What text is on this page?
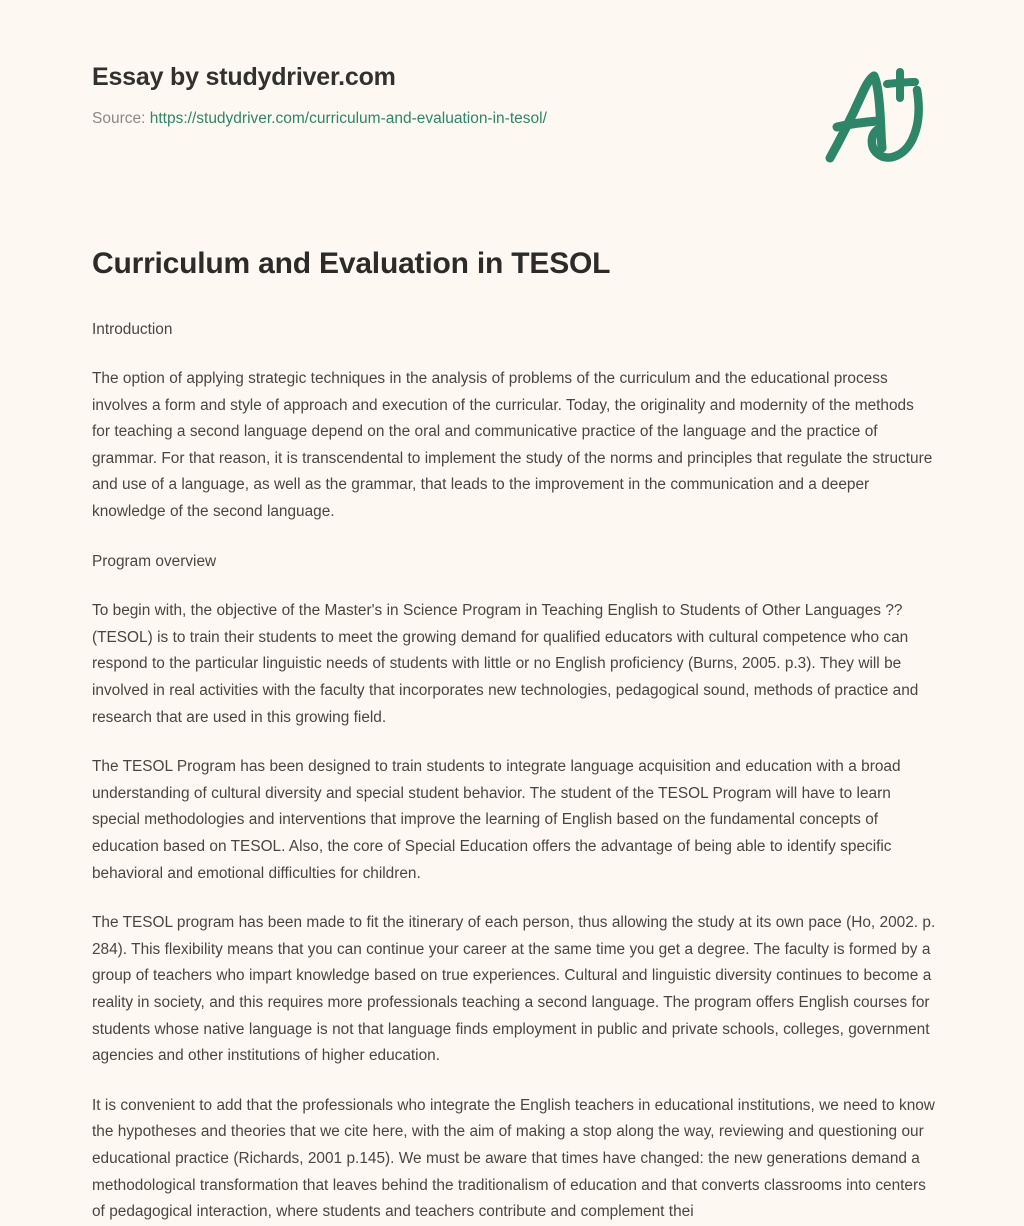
Essay by studydriver.com
Source: https://studydriver.com/curriculum-and-evaluation-in-tesol/
Curriculum and Evaluation in TESOL

Introduction

The option of applying strategic techniques in the analysis of problems of the curriculum and the educational process involves a form and style of approach and execution of the curricular. Today, the originality and modernity of the methods for teaching a second language depend on the oral and communicative practice of the language and the practice of grammar. For that reason, it is transcendental to implement the study of the norms and principles that regulate the structure and use of a language, as well as the grammar, that leads to the improvement in the communication and a deeper knowledge of the second language.

Program overview

To begin with, the objective of the Master's in Science Program in Teaching English to Students of Other Languages ??(TESOL) is to train their students to meet the growing demand for qualified educators with cultural competence who can respond to the particular linguistic needs of students with little or no English proficiency (Burns, 2005. p.3). They will be involved in real activities with the faculty that incorporates new technologies, pedagogical sound, methods of practice and research that are used in this growing field.

The TESOL Program has been designed to train students to integrate language acquisition and education with a broad understanding of cultural diversity and special student behavior. The student of the TESOL Program will have to learn special methodologies and interventions that improve the learning of English based on the fundamental concepts of education based on TESOL. Also, the core of Special Education offers the advantage of being able to identify specific behavioral and emotional difficulties for children.

The TESOL program has been made to fit the itinerary of each person, thus allowing the study at its own pace (Ho, 2002. p. 284). This flexibility means that you can continue your career at the same time you get a degree. The faculty is formed by a group of teachers who impart knowledge based on true experiences. Cultural and linguistic diversity continues to become a reality in society, and this requires more professionals teaching a second language. The program offers English courses for students whose native language is not that language finds employment in public and private schools, colleges, government agencies and other institutions of higher education.

It is convenient to add that the professionals who integrate the English teachers in educational institutions, we need to know the hypotheses and theories that we cite here, with the aim of making a stop along the way, reviewing and questioning our educational practice (Richards, 2001 p.145). We must be aware that times have changed: the new generations demand a methodological transformation that leaves behind the traditionalism of education and that converts classrooms into centers of pedagogical interaction, where students and teachers contribute and complement thei
